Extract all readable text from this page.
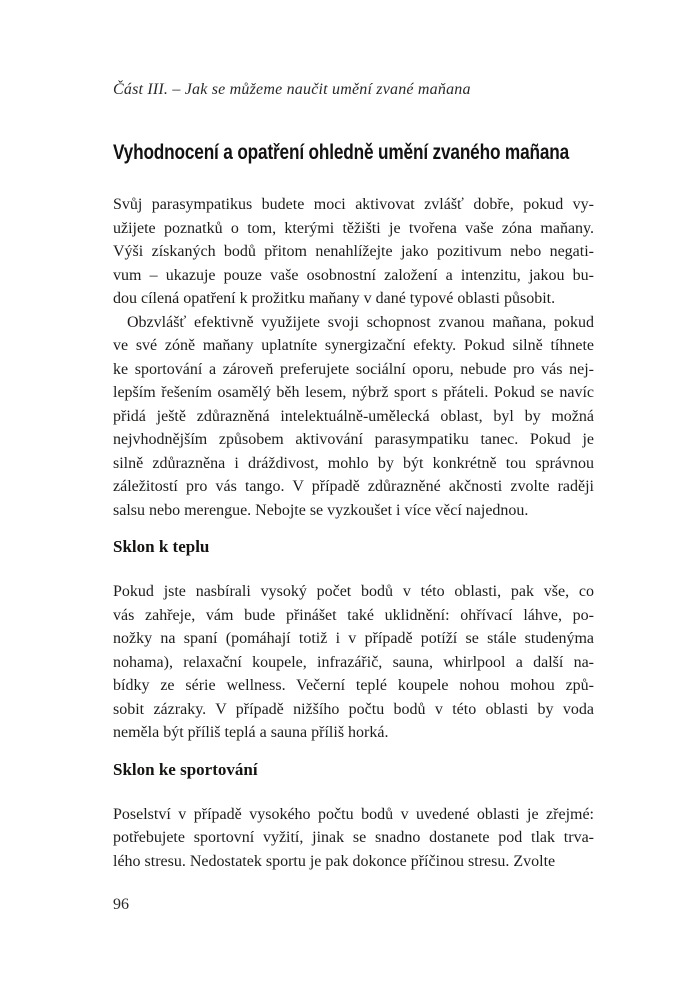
Část III. – Jak se můžeme naučit umění zvané maňana
Vyhodnocení a opatření ohledně umění zvaného mañana
Svůj parasympatikus budete moci aktivovat zvlášť dobře, pokud vy-
užijete poznatků o tom, kterými těžišti je tvořena vaše zóna maňany.
Výši získaných bodů přitom nenahlížejte jako pozitivum nebo negati-
vum – ukazuje pouze vaše osobnostní založení a intenzitu, jakou bu-
dou cílená opatření k prožitku maňany v dané typové oblasti působit.
Obzvlášť efektivně využijete svoji schopnost zvanou mañana, pokud
ve své zóně maňany uplatníte synergizační efekty. Pokud silně tíhnete
ke sportování a zároveň preferujete sociální oporu, nebude pro vás nej-
lepším řešením osamělý běh lesem, nýbrž sport s přáteli. Pokud se navíc
přidá ještě zdůrazněná intelektuálně-umělecká oblast, byl by možná
nejvhodnějším způsobem aktivování parasympatiku tanec. Pokud je
silně zdůrazněna i dráždivost, mohlo by být konkrétně tou správnou
záležitostí pro vás tango. V případě zdůrazněné akčnosti zvolte raději
salsu nebo merengue. Nebojte se vyzkoušet i více věcí najednou.
Sklon k teplu
Pokud jste nasbírali vysoký počet bodů v této oblasti, pak vše, co
vás zahřeje, vám bude přinášet také uklidnění: ohřívací láhve, po-
nožky na spaní (pomáhají totiž i v případě potíží se stále studenýma
nohama), relaxační koupele, infrazářič, sauna, whirlpool a další na-
bídky ze série wellness. Večerní teplé koupele nohou mohou způ-
sobit zázraky. V případě nižšího počtu bodů v této oblasti by voda
neměla být příliš teplá a sauna příliš horká.
Sklon ke sportování
Poselství v případě vysokého počtu bodů v uvedené oblasti je zřejmé:
potřebujete sportovní vyžití, jinak se snadno dostanete pod tlak trva-
lého stresu. Nedostatek sportu je pak dokonce příčinou stresu. Zvolte
96
